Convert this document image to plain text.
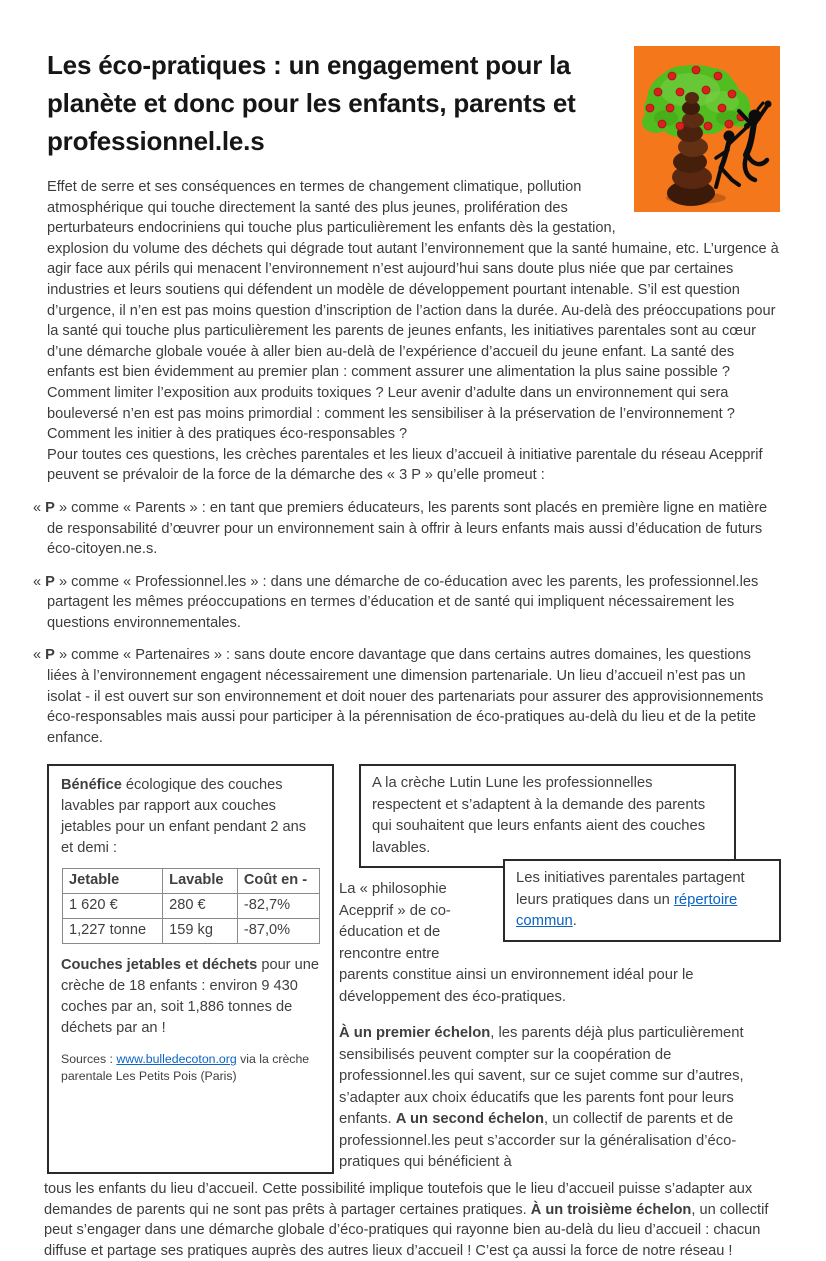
Les éco-pratiques : un engagement pour la planète et donc pour les enfants, parents et professionnel.le.s

Effet de serre et ses conséquences en termes de changement climatique, pollution atmosphérique qui touche directement la santé des plus jeunes, prolifération des perturbateurs endocriniens qui touche plus particulièrement les enfants dès la gestation, explosion du volume des déchets qui dégrade tout autant l’environnement que la santé humaine, etc. L’urgence à agir face aux périls qui menacent l’environnement n’est aujourd’hui sans doute plus niée que par certaines industries et leurs soutiens qui défendent un modèle de développement pourtant intenable. S’il est question d’urgence, il n’en est pas moins question d’inscription de l’action dans la durée. Au-delà des préoccupations pour la santé qui touche plus particulièrement les parents de jeunes enfants, les initiatives parentales sont au cœur d’une démarche globale vouée à aller bien au-delà de l’expérience d’accueil du jeune enfant. La santé des enfants est bien évidemment au premier plan : comment assurer une alimentation la plus saine possible ? Comment limiter l’exposition aux produits toxiques ? Leur avenir d’adulte dans un environnement qui sera bouleversé n’en est pas moins primordial : comment les sensibiliser à la préservation de l’environnement ? Comment les initier à des pratiques éco-responsables ?

Pour toutes ces questions, les crèches parentales et les lieux d’accueil à initiative parentale du réseau Acepprif peuvent se prévaloir de la force de la démarche des « 3 P » qu’elle promeut :

« P » comme « Parents » : en tant que premiers éducateurs, les parents sont placés en première ligne en matière de responsabilité d’œuvrer pour un environnement sain à offrir à leurs enfants mais aussi d’éducation de futurs éco-citoyen.ne.s.

« P » comme « Professionnel.les » : dans une démarche de co-éducation avec les parents, les professionnel.les partagent les mêmes préoccupations en termes d’éducation et de santé qui impliquent nécessairement les questions environnementales.

« P » comme « Partenaires » : sans doute encore davantage que dans certains autres domaines, les questions liées à l’environnement engagent nécessairement une dimension partenariale. Un lieu d’accueil n’est pas un isolat - il est ouvert sur son environnement et doit nouer des partenariats pour assurer des approvisionnements éco-responsables mais aussi pour participer à la pérennisation de éco-pratiques au-delà du lieu et de la petite enfance.

Bénéfice écologique des couches lavables par rapport aux couches jetables pour un enfant pendant 2 ans et demi :
Jetable	Lavable	Coût en -
1 620 €	280 €	-82,7%
1,227 tonne	159 kg	-87,0%
Couches jetables et déchets pour une crèche de 18 enfants : environ 9 430 coches par an, soit 1,886 tonnes de déchets par an !
Sources : www.bulledecoton.org via la crèche parentale Les Petits Pois (Paris)
A la crèche Lutin Lune les professionnelles respectent et s’adaptent à la demande des parents qui souhaitent que leurs enfants aient des couches lavables.
Les initiatives parentales partagent leurs pratiques dans un répertoire commun.

La « philosophie Acepprif » de co-éducation et de rencontre entre parents constitue ainsi un environnement idéal pour le développement des éco-pratiques.

À un premier échelon, les parents déjà plus particulièrement sensibilisés peuvent compter sur la coopération de professionnel.les qui savent, sur ce sujet comme sur d’autres, s’adapter aux choix éducatifs que les parents font pour leurs enfants. A un second échelon, un collectif de parents et de professionnel.les peut s’accorder sur la généralisation d’éco-pratiques qui bénéficient à

tous les enfants du lieu d’accueil. Cette possibilité implique toutefois que le lieu d’accueil puisse s’adapter aux demandes de parents qui ne sont pas prêts à partager certaines pratiques. À un troisième échelon, un collectif peut s’engager dans une démarche globale d’éco-pratiques qui rayonne bien au-delà du lieu d’accueil : chacun diffuse et partage ses pratiques auprès des autres lieux d’accueil ! C’est ça aussi la force de notre réseau !
